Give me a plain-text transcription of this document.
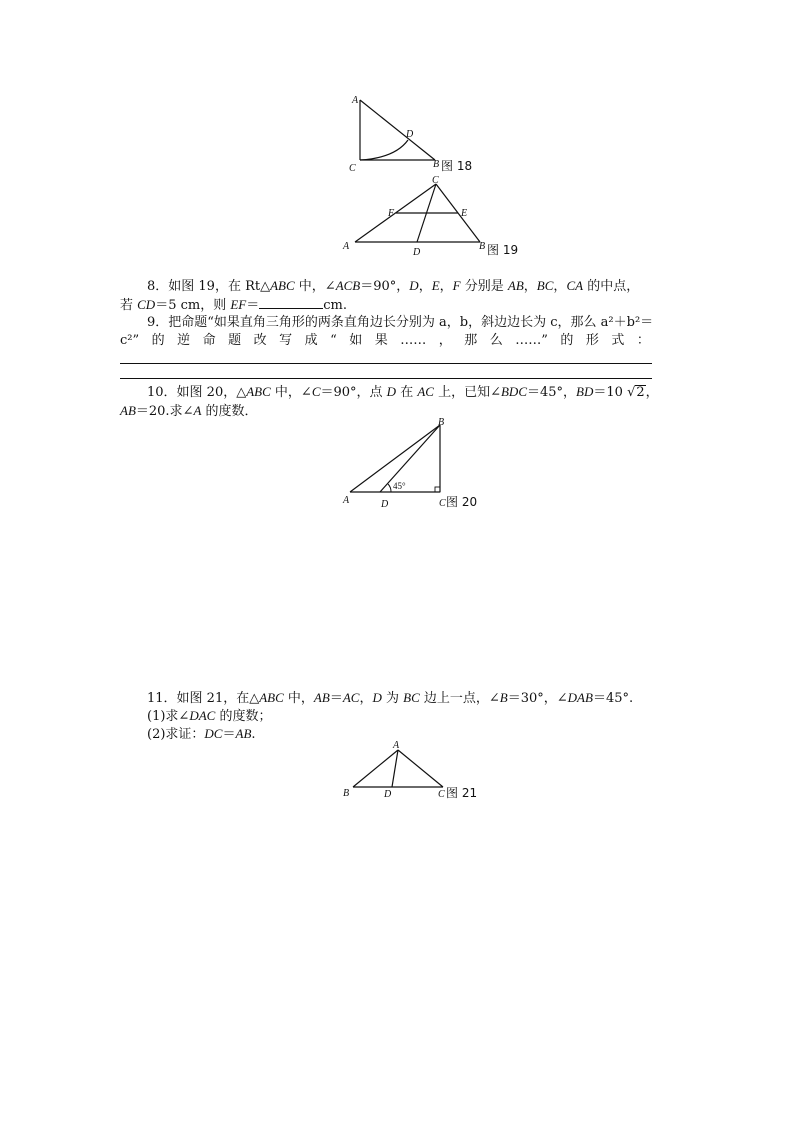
A
D
C	B 图 18
C
F	E
A
D
B 图 19
8．如图 19，在 Rt△ABC 中，∠ACB＝90°，D，E，F 分别是 AB，BC，CA 的中点，
若 CD＝5 cm，则 EF＝	cm.
9．把命题“如果直角三角形的两条直角边长分别为 a，b，斜边边长为 c，那么 a²＋b²＝
c²” 的 逆 命 题 改 写 成 “ 如 果 …… ， 那 么 ……” 的 形 式 ：
10．如图 20，△ABC 中，∠C＝90°，点 D 在 AC 上，已知∠BDC＝45°，BD＝10 √2，
AB＝20.求∠A 的度数．
45°
B
A	D	C 图 20
11．如图 21，在△ABC 中，AB＝AC，D 为 BC 边上一点，∠B＝30°，∠DAB＝45°.
(1)求∠DAC 的度数；
(2)求证：DC＝AB.
A
B	D	C 图 21
